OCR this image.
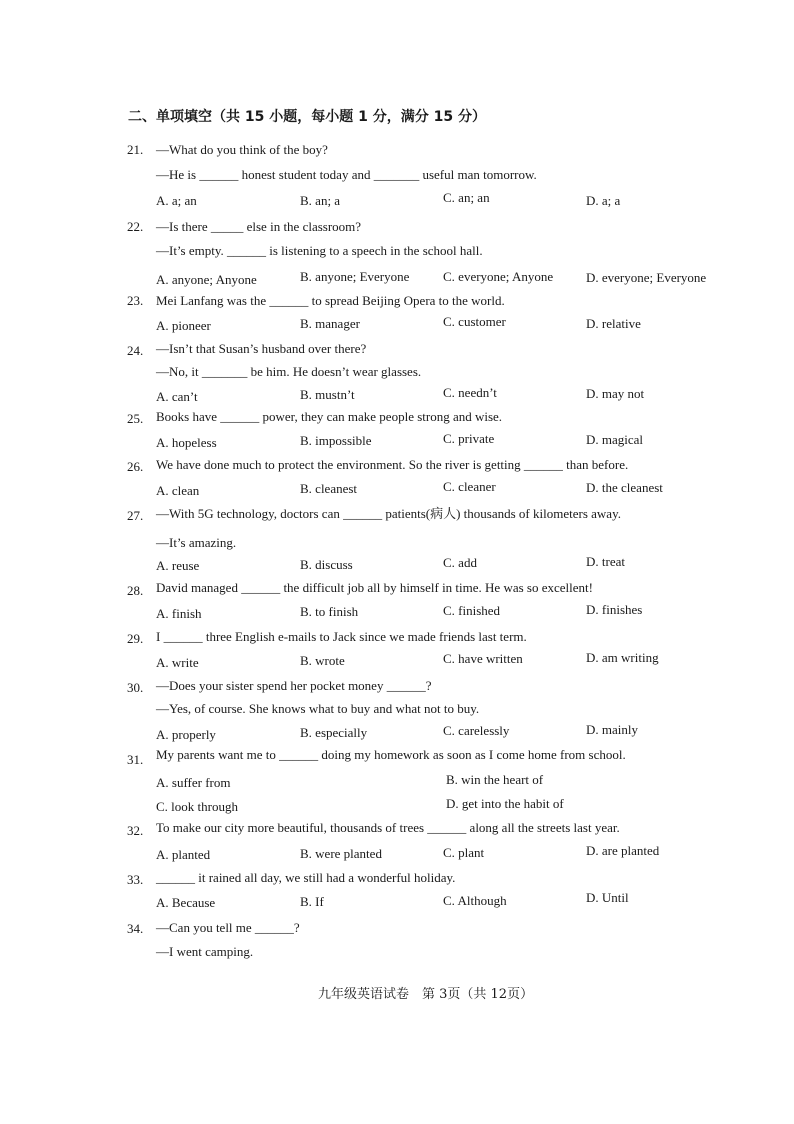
二、单项填空（共 15 小题，每小题 1 分，满分 15 分）
21. —What do you think of the boy?
—He is ______ honest student today and _______ useful man tomorrow.
A. a; an	B. an; a	C. an; an	D. a; a
22. —Is there _____ else in the classroom?
—It’s empty. ______ is listening to a speech in the school hall.
A. anyone; Anyone	B. anyone; Everyone	C. everyone; Anyone	D. everyone; Everyone
23. Mei Lanfang was the ______ to spread Beijing Opera to the world.
A. pioneer	B. manager	C. customer	D. relative
24. —Isn’t that Susan’s husband over there?
—No, it _______ be him. He doesn’t wear glasses.
A. can’t	B. mustn’t	C. needn’t	D. may not
25. Books have ______ power, they can make people strong and wise.
A. hopeless	B. impossible	C. private	D. magical
26. We have done much to protect the environment. So the river is getting ______ than before.
A. clean	B. cleanest	C. cleaner	D. the cleanest
27. —With 5G technology, doctors can ______ patients(病人) thousands of kilometers away.
—It’s amazing.
A. reuse	B. discuss	C. add	D. treat
28. David managed ______ the difficult job all by himself in time. He was so excellent!
A. finish	B. to finish	C. finished	D. finishes
29. I ______ three English e-mails to Jack since we made friends last term.
A. write	B. wrote	C. have written	D. am writing
30. —Does your sister spend her pocket money ______?
—Yes, of course. She knows what to buy and what not to buy.
A. properly	B. especially	C. carelessly	D. mainly
31. My parents want me to ______ doing my homework as soon as I come home from school.
A. suffer from	B. win the heart of
C. look through	D. get into the habit of
32. To make our city more beautiful, thousands of trees ______ along all the streets last year.
A. planted	B. were planted	C. plant	D. are planted
33. ______ it rained all day, we still had a wonderful holiday.
A. Because	B. If	C. Although	D. Until
34. —Can you tell me ______?
—I went camping.
九年级英语试卷　第 3页（共 12页）
